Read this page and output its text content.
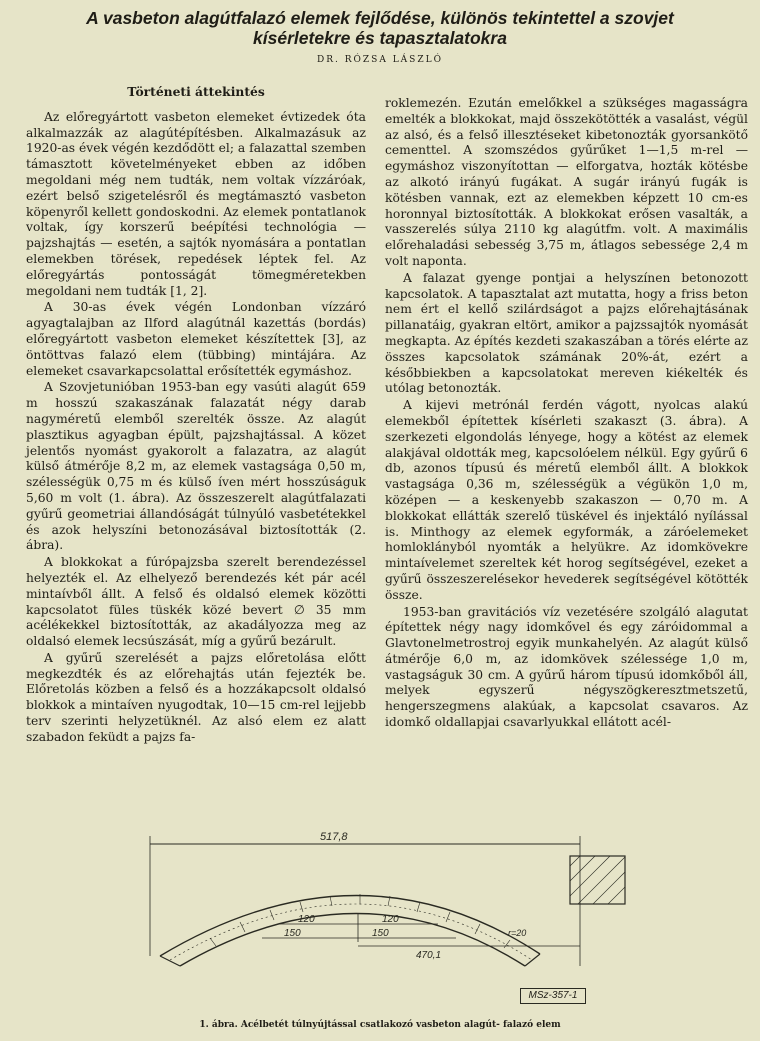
A vasbeton alagútfalazó elemek fejlődése, különös tekintettel a szovjet
kísérletekre és tapasztalatokra
DR. RÓZSA LÁSZLÓ
Történeti áttekintés

Az előregyártott vasbeton elemeket évtizedek óta alkalmazzák az alagútépítésben. Alkalmazásuk az 1920-as évek végén kezdődött el; a falazattal szemben támasztott követelményeket ebben az időben megoldani még nem tudták, nem voltak vízzáróak, ezért belső szigetelésről és megtámasztó vasbeton köpenyről kellett gondoskodni. Az elemek pontatlanok voltak, így korszerű beépítési technológia — pajzshajtás — esetén, a sajtók nyomására a pontatlan elemekben törések, repedések léptek fel. Az előregyártás pontosságát tömegméretekben megoldani nem tudták [1, 2].

A 30-as évek végén Londonban vízzáró agyagtalajban az Ilford alagútnál kazettás (bordás) előregyártott vasbeton elemeket készítettek [3], az öntöttvas falazó elem (tübbing) mintájára. Az elemeket csavarkapcsolattal erősítették egymáshoz.

A Szovjetunióban 1953-ban egy vasúti alagút 659 m hosszú szakaszának falazatát négy darab nagyméretű elemből szerelték össze. Az alagút plasztikus agyagban épült, pajzshajtással. A közet jelentős nyomást gyakorolt a falazatra, az alagút külső átmérője 8,2 m, az elemek vastagsága 0,50 m, szélességük 0,75 m és külső íven mért hosszúságuk 5,60 m volt (1. ábra). Az összeszerelt alagútfalazati gyűrű geometriai állandóságát túlnyúló vasbetétekkel és azok helyszíni betonozásával biztosították (2. ábra).

A blokkokat a fúrópajzsba szerelt berendezéssel helyezték el. Az elhelyező berendezés két pár acél mintaívből állt. A felső és oldalsó elemek közötti kapcsolatot füles tüskék közé bevert ∅ 35 mm acélékekkel biztosították, az akadályozza meg az oldalsó elemek lecsúszását, míg a gyűrű bezárult.

A gyűrű szerelését a pajzs előretolása előtt megkezdték és az előrehajtás után fejezték be. Előretolás közben a felső és a hozzákapcsolt oldalsó blokkok a mintaíven nyugodtak, 10—15 cm-rel lejjebb terv szerinti helyzetüknél. Az alsó elem ez alatt szabadon feküdt a pajzs fa-

roklemezén. Ezután emelőkkel a szükséges magasságra emelték a blokkokat, majd összekötötték a vasalást, végül az alsó, és a felső illesztéseket kibetonozták gyorsankötő cementtel. A szomszédos gyűrűket 1—1,5 m-rel — egymáshoz viszonyítottan — elforgatva, hozták kötésbe az alkotó irányú fugákat. A sugár irányú fugák is kötésben vannak, ezt az elemekben képzett 10 cm-es horonnyal biztosították. A blokkokat erősen vasalták, a vasszerelés súlya 2110 kg alagútfm. volt. A maximális előrehaladási sebesség 3,75 m, átlagos sebessége 2,4 m volt naponta.

A falazat gyenge pontjai a helyszínen betonozott kapcsolatok. A tapasztalat azt mutatta, hogy a friss beton nem ért el kellő szilárdságot a pajzs előrehajtásának pillanatáig, gyakran eltört, amikor a pajzssajtók nyomását megkapta. Az építés kezdeti szakaszában a törés elérte az összes kapcsolatok számának 20%-át, ezért a későbbiekben a kapcsolatokat mereven kiékelték és utólag betonozták.

A kijevi metrónál ferdén vágott, nyolcas alakú elemekből építettek kísérleti szakaszt (3. ábra). A szerkezeti elgondolás lényege, hogy a kötést az elemek alakjával oldották meg, kapcsolóelem nélkül. Egy gyűrű 6 db, azonos típusú és méretű elemből állt. A blokkok vastagsága 0,36 m, szélességük a végükön 1,0 m, középen — a keskenyebb szakaszon — 0,70 m. A blokkokat ellátták szerelő tüskével és injektáló nyílással is. Minthogy az elemek egyformák, a záróelemeket homloklányból nyomták a helyükre. Az idomkövekre mintaívelemet szereltek két horog segítségével, ezeket a gyűrű összeszerelésekor hevederek segítségével kötötték össze.

1953-ban gravitációs víz vezetésére szolgáló alagutat építettek négy nagy idomkővel és egy záróidommal a Glavtonelmetrostroj egyik munkahelyén. Az alagút külső átmérője 6,0 m, az idomkövek szélessége 1,0 m, vastagságuk 30 cm. A gyűrű három típusú idomkőből áll, melyek egyszerű négyszögkeresztmetszetű, hengerszegmens alakúak, a kapcsolat csavaros. Az idomkő oldallapjai csavarlyukkal ellátott acél-

517,8
r=20
120
150
120
150
470,1
MSz-357-1
1. ábra. Acélbetét túlnyújtással csatlakozó vasbeton alagút- falazó elem
